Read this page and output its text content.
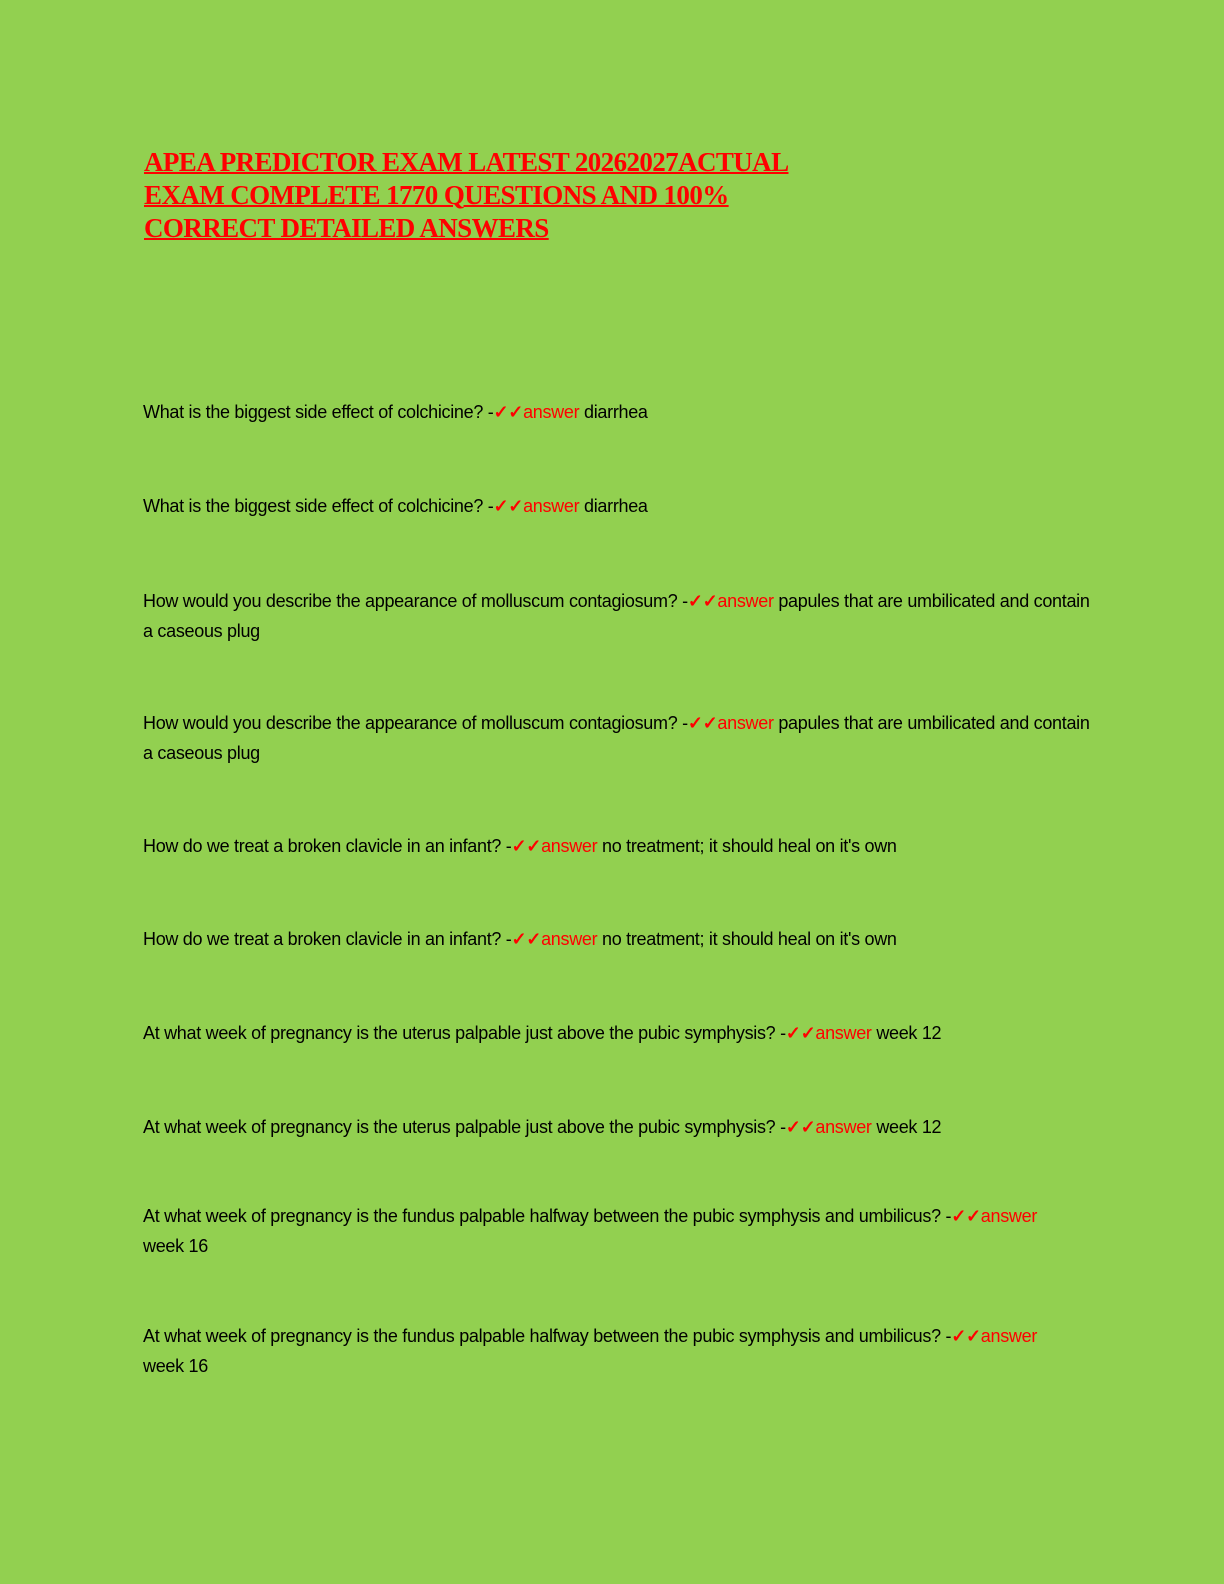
APEA PREDICTOR EXAM LATEST 20262027ACTUAL
EXAM COMPLETE 1770 QUESTIONS AND 100%
CORRECT DETAILED ANSWERS
What is the biggest side effect of colchicine? -✓✓answer diarrhea
What is the biggest side effect of colchicine? -✓✓answer diarrhea
How would you describe the appearance of molluscum contagiosum? -✓✓answer papules that are umbilicated and contain a caseous plug
How would you describe the appearance of molluscum contagiosum? -✓✓answer papules that are umbilicated and contain a caseous plug
How do we treat a broken clavicle in an infant? -✓✓answer no treatment; it should heal on it's own
How do we treat a broken clavicle in an infant? -✓✓answer no treatment; it should heal on it's own
At what week of pregnancy is the uterus palpable just above the pubic symphysis? -✓✓answer week 12
At what week of pregnancy is the uterus palpable just above the pubic symphysis? -✓✓answer week 12
At what week of pregnancy is the fundus palpable halfway between the pubic symphysis and umbilicus? -✓✓answer week 16
At what week of pregnancy is the fundus palpable halfway between the pubic symphysis and umbilicus? -✓✓answer week 16
